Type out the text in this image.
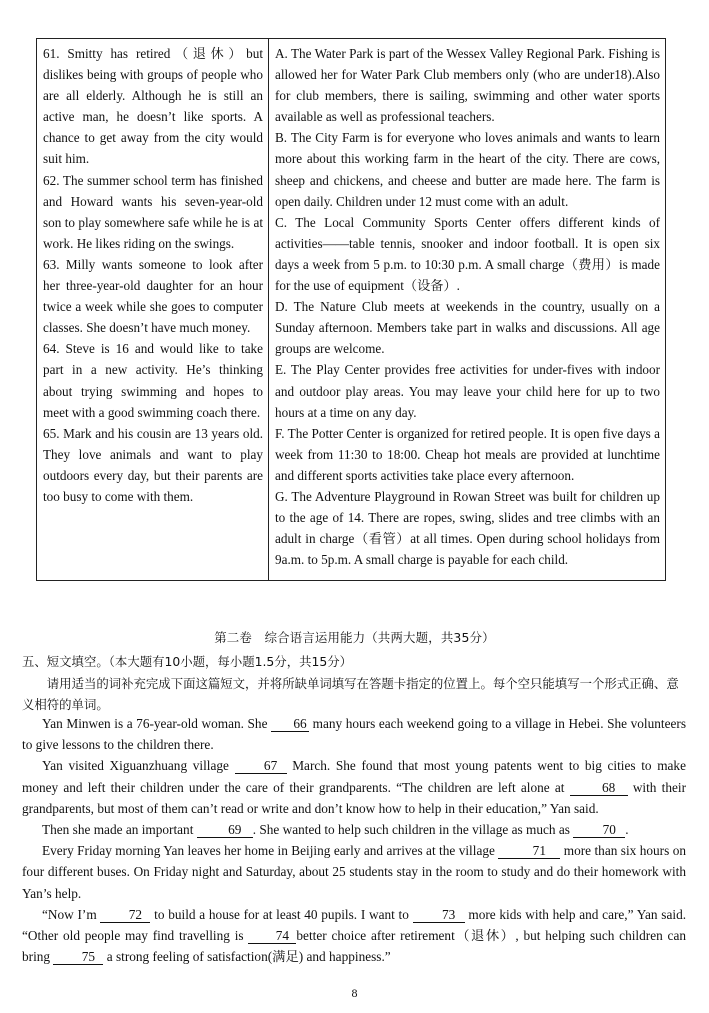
61. Smitty has retired（退休）but dislikes being with groups of people who are all elderly. Although he is still an active man, he doesn’t like sports. A chance to get away from the city would suit him.

62. The summer school term has finished and Howard wants his seven-year-old son to play somewhere safe while he is at work. He likes riding on the swings.

63. Milly wants someone to look after her three-year-old daughter for an hour twice a week while she goes to computer classes. She doesn’t have much money.

64. Steve is 16 and would like to take part in a new activity. He’s thinking about trying swimming and hopes to meet with a good swimming coach there.

65. Mark and his cousin are 13 years old. They love animals and want to play outdoors every day, but their parents are too busy to come with them.

A. The Water Park is part of the Wessex Valley Regional Park. Fishing is allowed her for Water Park Club members only (who are under18).Also for club members, there is sailing, swimming and other water sports available as well as professional teachers.

B. The City Farm is for everyone who loves animals and wants to learn more about this working farm in the heart of the city. There are cows, sheep and chickens, and cheese and butter are made here. The farm is open daily. Children under 12 must come with an adult.

C. The Local Community Sports Center offers different kinds of activities——table tennis, snooker and indoor football. It is open six days a week from 5 p.m. to 10:30 p.m. A small charge（费用）is made for the use of equipment（设备）.

D. The Nature Club meets at weekends in the country, usually on a Sunday afternoon. Members take part in walks and discussions. All age groups are welcome.

E. The Play Center provides free activities for under-fives with indoor and outdoor play areas. You may leave your child here for up to two hours at a time on any day.

F. The Potter Center is organized for retired people. It is open five days a week from 11:30 to 18:00. Cheap hot meals are provided at lunchtime and different sports activities take place every afternoon.

G. The Adventure Playground in Rowan Street was built for children up to the age of 14. There are ropes, swing, slides and tree climbs with an adult in charge（看管）at all times. Open during school holidays from 9a.m. to 5p.m. A small charge is payable for each child.

第二卷　综合语言运用能力（共两大题，共35分）
五、短文填空。（本大题有10小题，每小题1.5分，共15分）
请用适当的词补充完成下面这篇短文，并将所缺单词填写在答题卡指定的位置上。每个空只能填写一个形式正确、意义相符的单词。

Yan Minwen is a 76-year-old woman. She 66 many hours each weekend going to a village in Hebei. She volunteers to give lessons to the children there.

Yan visited Xiguanzhuang village	67 March. She found that most young patents went to big cities to make money and left their children under the care of their grandparents. “The children are left alone at	68 with their grandparents, but most of them can’t read or write and don’t know how to help in their education,” Yan said.

Then she made an important	69 . She wanted to help such children in the village as much as 70 .

Every Friday morning Yan leaves her home in Beijing early and arrives at the village	71 more than six hours on four different buses. On Friday night and Saturday, about 25 students stay in the room to study and do their homework with Yan’s help.

“Now I’m 72 to build a house for at least 40 pupils. I want to 73 more kids with help and care,” Yan said. “Other old people may find travelling is 74 better choice after retirement（退休）, but helping such children can bring 75 a strong feeling of satisfaction(满足) and happiness.”

8
